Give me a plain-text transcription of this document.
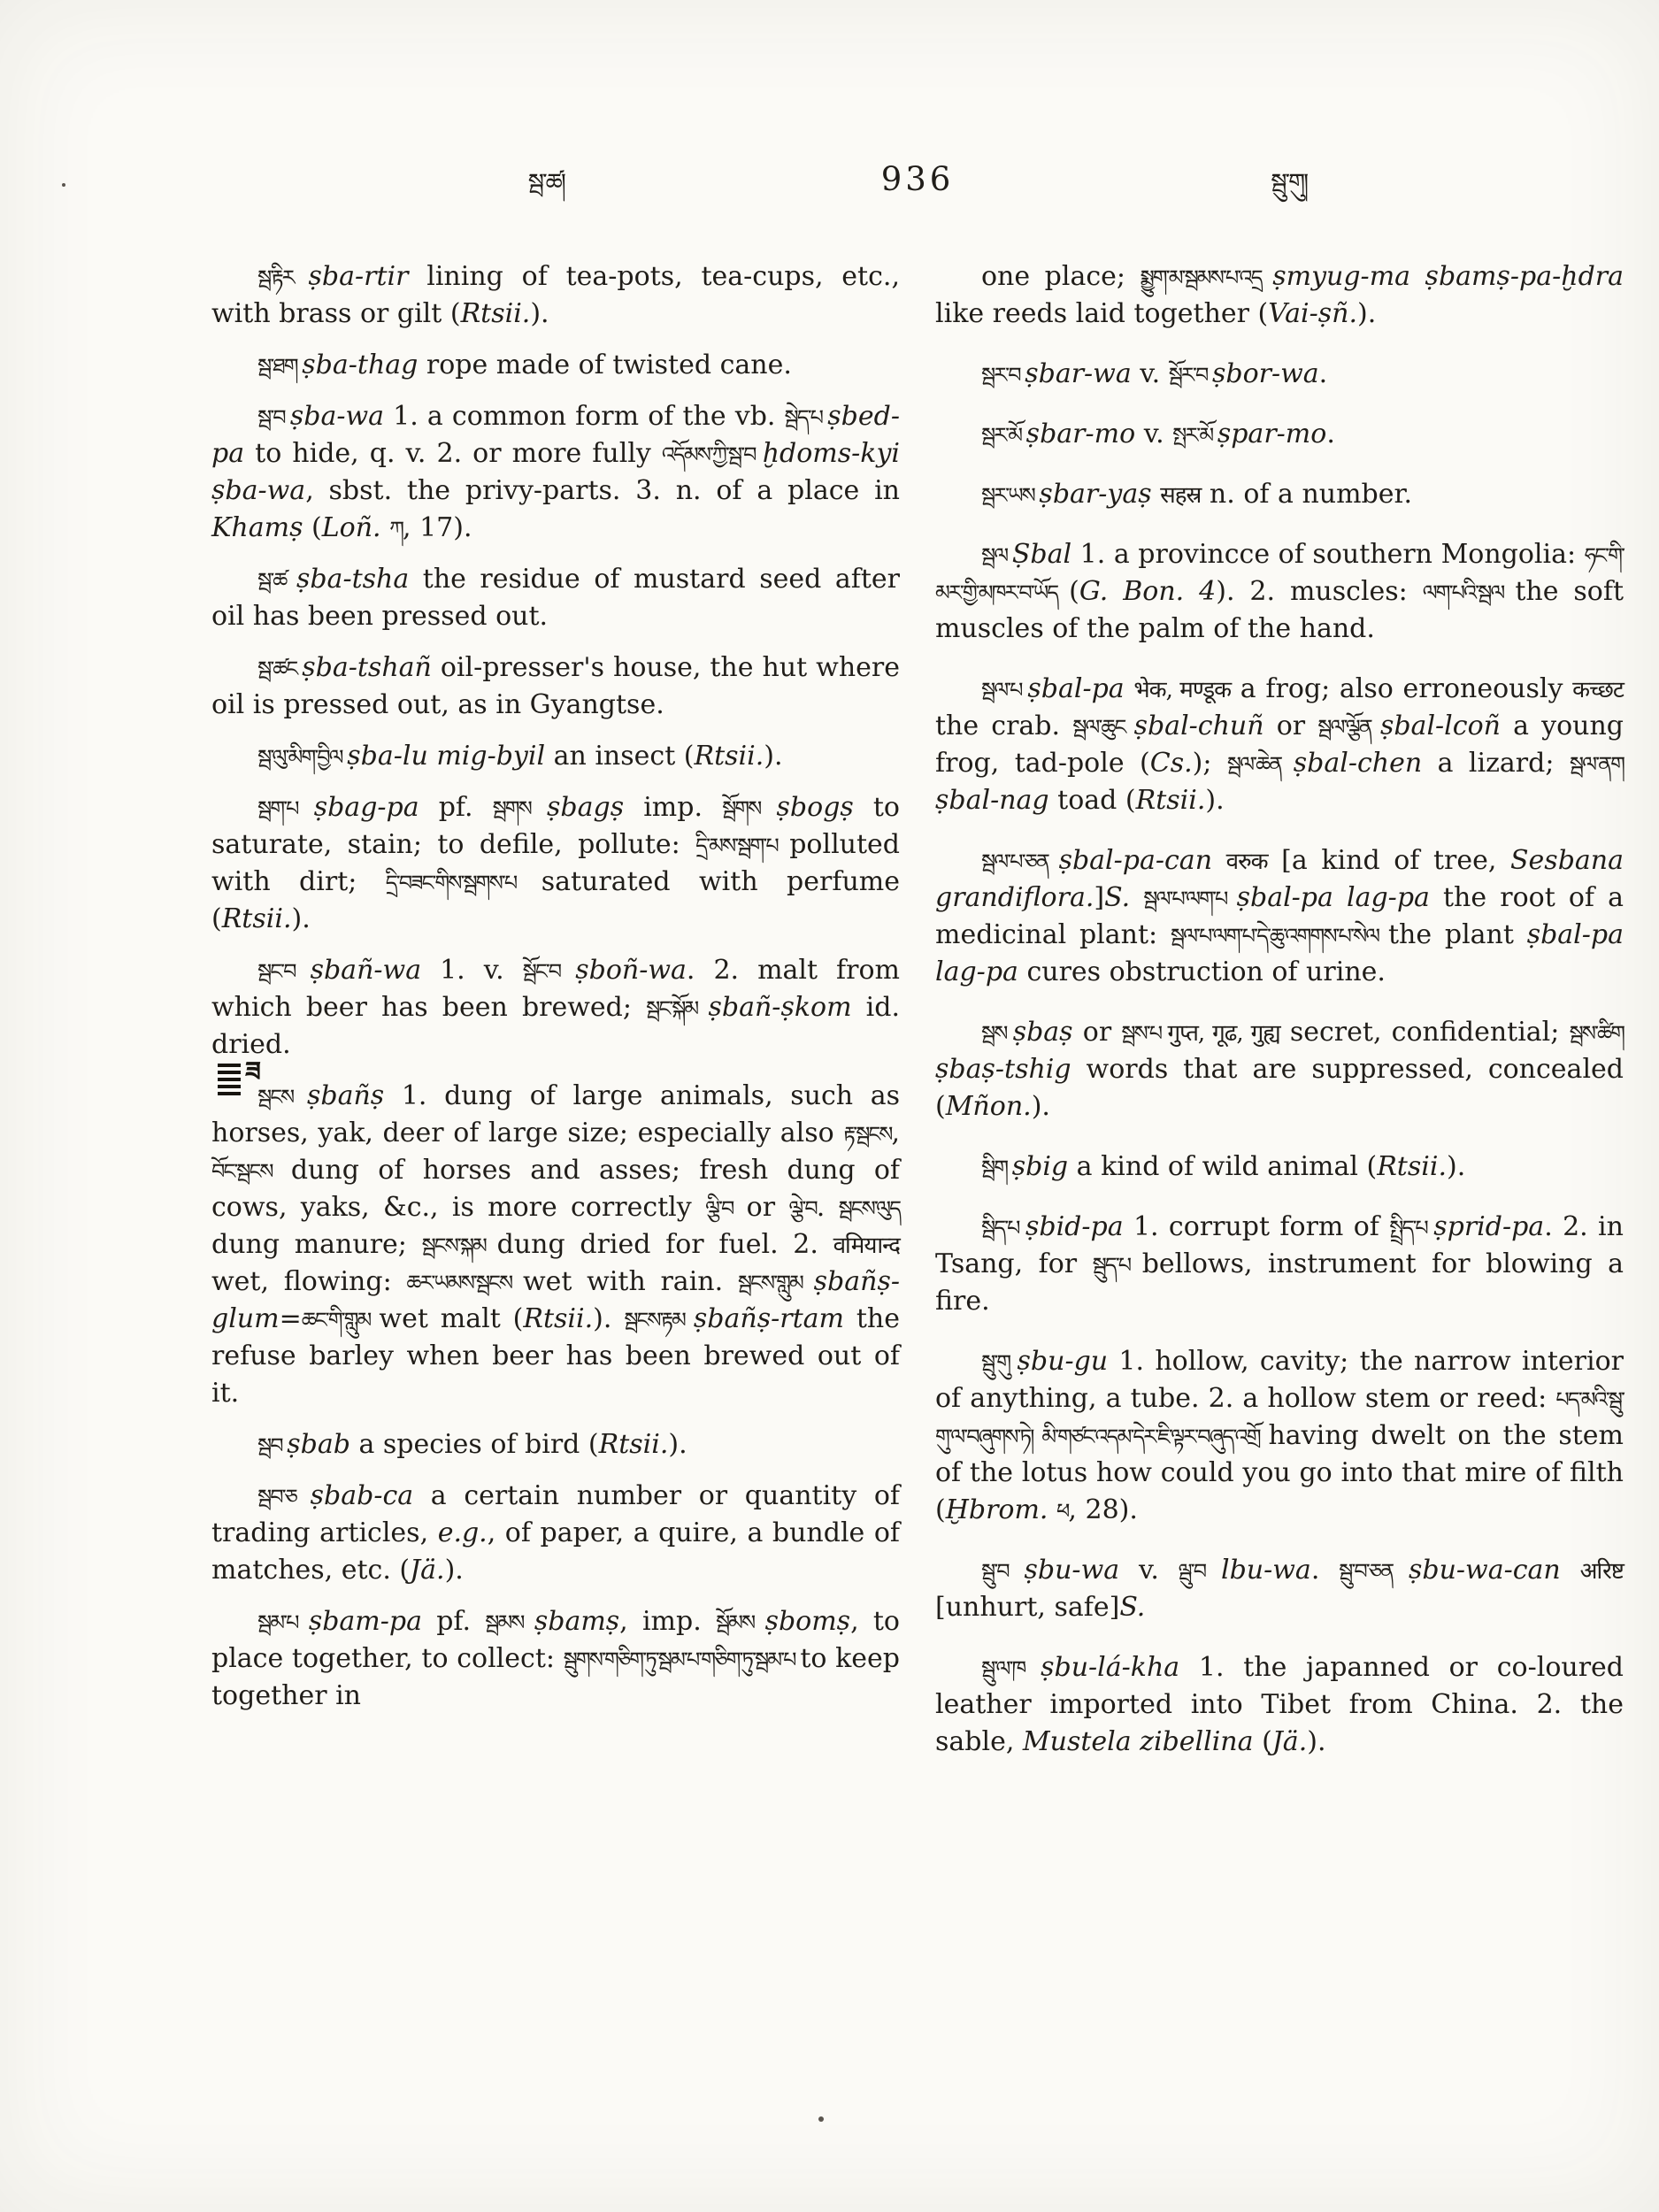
སྦ་ཚ།	936	སྦུ་གུ།
ཟ

སྦ་རྟིར ṣba-rtir lining of tea-pots, tea-cups, etc., with brass or gilt (Rtsii.).

སྦ་ཐག ṣba-thag rope made of twisted cane.

སྦ་བ ṣba-wa 1. a common form of the vb. སྦེད་པ ṣbed-pa to hide, q. v. 2. or more fully འདོམས་ཀྱི་སྦ་བ ḫdoms-kyi ṣba-wa, sbst. the privy-parts. 3. n. of a place in Khamṣ (Loñ. ཀ, 17).

སྦ་ཚ ṣba-tsha the residue of mustard seed after oil has been pressed out.

སྦ་ཚང ṣba-tshañ oil-presser's house, the hut where oil is pressed out, as in Gyangtse.

སྦ་ལུ་མིག་བྱིལ ṣba-lu mig-byil an insect (Rtsii.).

སྦག་པ ṣbag-pa pf. སྦགས ṣbagṣ imp. སྦོགས ṣbogṣ to saturate, stain; to defile, pollute: དྲི་མས་སྦག་པ polluted with dirt; དྲི་བཟང་གིས་སྦགས་པ saturated with perfume (Rtsii.).

སྦང་བ ṣbañ-wa 1. v. སྦོང་བ ṣboñ-wa. 2. malt from which beer has been brewed; སྦང་སྐོམ ṣbañ-ṣkom id. dried.

སྦངས ṣbañṣ 1. dung of large animals, such as horses, yak, deer of large size; especially also རྟ་སྦངས, བོང་སྦངས dung of horses and asses; fresh dung of cows, yaks, &c., is more correctly ལྕི་བ or ལྕེ་བ. སྦངས་ལུད dung manure; སྦངས་སྐམ dung dried for fuel. 2. वमियान्द wet, flowing: ཆར་ཡམས་སྦངས wet with rain. སྦངས་གླུམ ṣbañṣ-glum=ཆང་གི་གླུམ wet malt (Rtsii.). སྦངས་རྟམ ṣbañṣ-rtam the refuse barley when beer has been brewed out of it.

སྦབ ṣbab a species of bird (Rtsii.).

སྦབ་ཅ ṣbab-ca a certain number or quantity of trading articles, e.g., of paper, a quire, a bundle of matches, etc. (Jä.).

སྦམ་པ ṣbam-pa pf. སྦམས ṣbamṣ, imp. སྦོམས ṣbomṣ, to place together, to collect: སྦུགས་གཅིག་ཏུ་སྦམ་པ་གཅིག་ཏུ་སྦམ་པ to keep together in

one place; སྨྱུག་མ་སྦམས་པ་འདྲ ṣmyug-ma ṣbamṣ-pa-ḫdra like reeds laid together (Vai-ṣñ.).

སྦར་བ ṣbar-wa v. སྦོར་བ ṣbor-wa.

སྦར་མོ ṣbar-mo v. སྤར་མོ ṣpar-mo.

སྦར་ཡས ṣbar-yaṣ सहस्र n. of a number.

སྦལ Ṣbal 1. a provincce of southern Mongolia: ཧང་གི་མར་གྱི་མཁར་བ་ཡོད (G. Bon. 4). 2. muscles: ལག་པའི་སྦལ the soft muscles of the palm of the hand.

སྦལ་པ ṣbal-pa भेक, मण्डूक a frog; also erroneously कच्छट the crab. སྦལ་ཆུང ṣbal-chuñ or སྦལ་ལྕོན ṣbal-lcoñ a young frog, tad-pole (Cs.); སྦལ་ཆེན ṣbal-chen a lizard; སྦལ་ནག ṣbal-nag toad (Rtsii.).

སྦལ་པ་ཅན ṣbal-pa-can वरुक [a kind of tree, Sesbana grandiflora.]S. སྦལ་པ་ལག་པ ṣbal-pa lag-pa the root of a medicinal plant: སྦལ་པ་ལག་པ་དེ་ཆུ་འགགས་པ་སེལ the plant ṣbal-pa lag-pa cures obstruction of urine.

སྦས ṣbaṣ or སྦས་པ गुप्त, गूढ, गुह्य secret, confidential; སྦས་ཚིག ṣbaṣ-tshig words that are suppressed, concealed (Mñon.).

སྦིག ṣbig a kind of wild animal (Rtsii.).

སྦིད་པ ṣbid-pa 1. corrupt form of སྤྲིད་པ ṣprid-pa. 2. in Tsang, for སྦུད་པ bellows, instrument for blowing a fire.

སྦུ་གུ ṣbu-gu 1. hollow, cavity; the narrow interior of anything, a tube. 2. a hollow stem or reed: པད་མའི་སྦུ་གུ་ལ་བཞུགས་ཏེ། མི་གཙང་འདམ་དེར་ཇི་ལྟར་བཞུད་འགྲོ having dwelt on the stem of the lotus how could you go into that mire of filth (Ḫbrom. ཕ, 28).

སྦུ་བ ṣbu-wa v. ལྦུ་བ lbu-wa. སྦུ་བ་ཅན ṣbu-wa-can अरिष्ट [unhurt, safe]S.

སྦུ་ལ་ཁ ṣbu-lá-kha 1. the japanned or co-loured leather imported into Tibet from China. 2. the sable, Mustela zibellina (Jä.).
